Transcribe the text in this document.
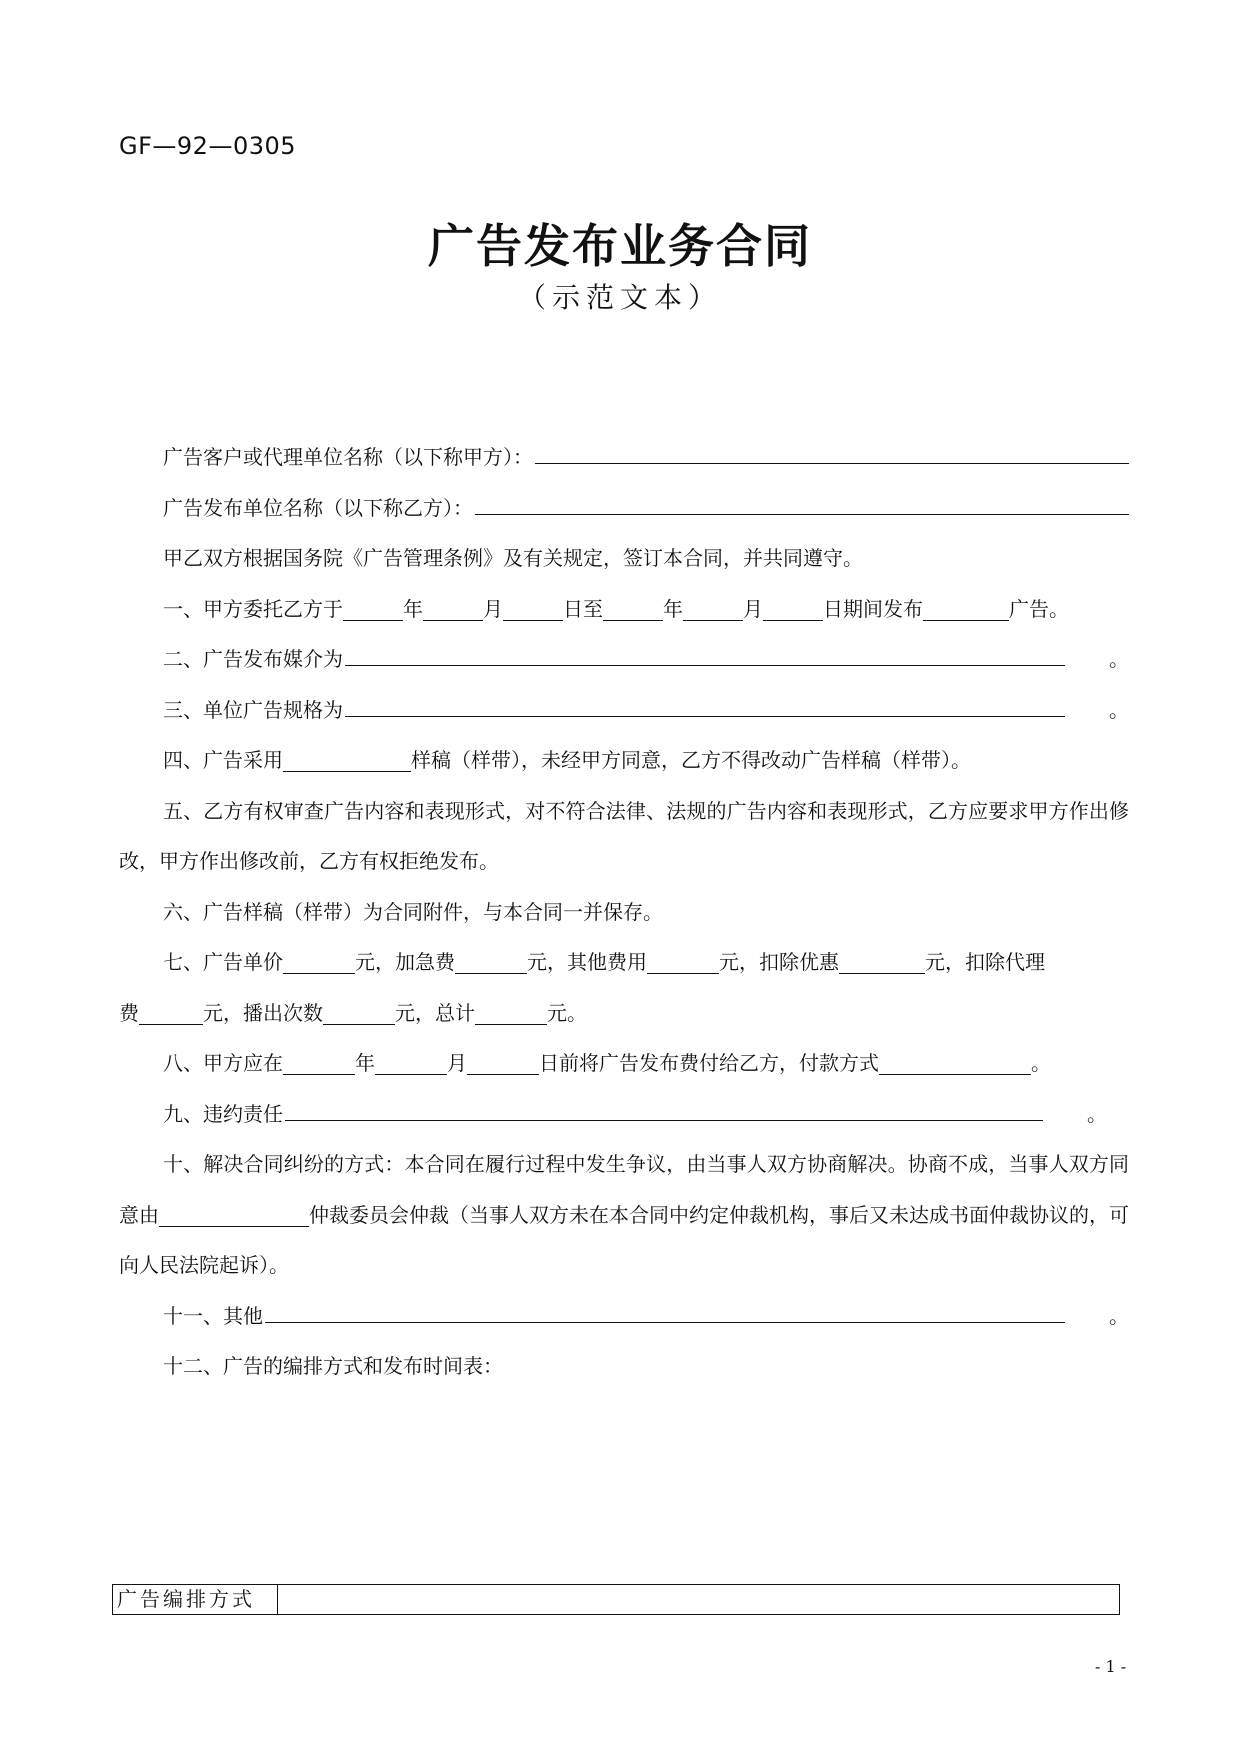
GF—92—0305
广告发布业务合同
（示范文本）

广告客户或代理单位名称（以下称甲方）：

广告发布单位名称（以下称乙方）：

甲乙双方根据国务院《广告管理条例》及有关规定，签订本合同，并共同遵守。

一、甲方委托乙方于	年	月	日至	年	月	日期间发布	广告。

二、广告发布媒介为	。

三、单位广告规格为	。

四、广告采用	样稿（样带），未经甲方同意，乙方不得改动广告样稿（样带）。

五、乙方有权审查广告内容和表现形式，对不符合法律、法规的广告内容和表现形式，乙方应要求甲方作出修改，甲方作出修改前，乙方有权拒绝发布。

六、广告样稿（样带）为合同附件，与本合同一并保存。

七、广告单价	元，加急费	元，其他费用	元，扣除优惠	元，扣除代理

费	元，播出次数	元，总计	元。

八、甲方应在	年	月	日前将广告发布费付给乙方，付款方式	。

九、违约责任	。

十、解决合同纠纷的方式：本合同在履行过程中发生争议，由当事人双方协商解决。协商不成，当事人双方同意由	仲裁委员会仲裁（当事人双方未在本合同中约定仲裁机构，事后又未达成书面仲裁协议的，可向人民法院起诉）。

十一、其他	。

十二、广告的编排方式和发布时间表：

广告编排方式
- 1 -
